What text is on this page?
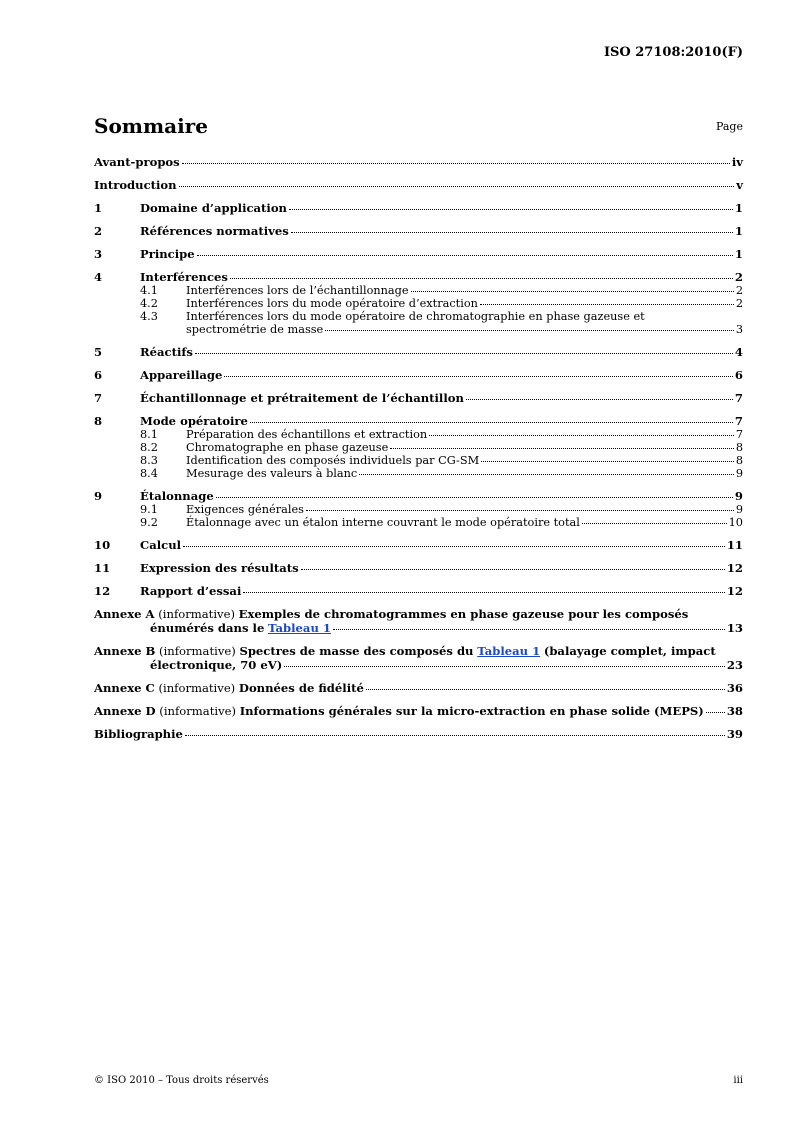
ISO 27108:2010(F)
Sommaire	Page
Avant-propos	iv
Introduction	v
1	Domaine d’application	1
2	Références normatives	1
3	Principe	1
4	Interférences	2
4.1	Interférences lors de l’échantillonnage	2
4.2	Interférences lors du mode opératoire d’extraction	2
4.3	Interférences lors du mode opératoire de chromatographie en phase gazeuse et
spectrométrie de masse	3
5	Réactifs	4
6	Appareillage	6
7	Échantillonnage et prétraitement de l’échantillon	7
8	Mode opératoire	7
8.1	Préparation des échantillons et extraction	7
8.2	Chromatographe en phase gazeuse	8
8.3	Identification des composés individuels par CG-SM	8
8.4	Mesurage des valeurs à blanc	9
9	Étalonnage	9
9.1	Exigences générales	9
9.2	Étalonnage avec un étalon interne couvrant le mode opératoire total	10
10	Calcul	11
11	Expression des résultats	12
12	Rapport d’essai	12
Annexe A (informative) Exemples de chromatogrammes en phase gazeuse pour les composés
énumérés dans le Tableau 1	13
Annexe B (informative) Spectres de masse des composés du Tableau 1 (balayage complet, impact
électronique, 70 eV)	23
Annexe C (informative) Données de fidélité	36
Annexe D (informative) Informations générales sur la micro-extraction en phase solide (MEPS) 38
Bibliographie	39
© ISO 2010 – Tous droits réservés	iii
